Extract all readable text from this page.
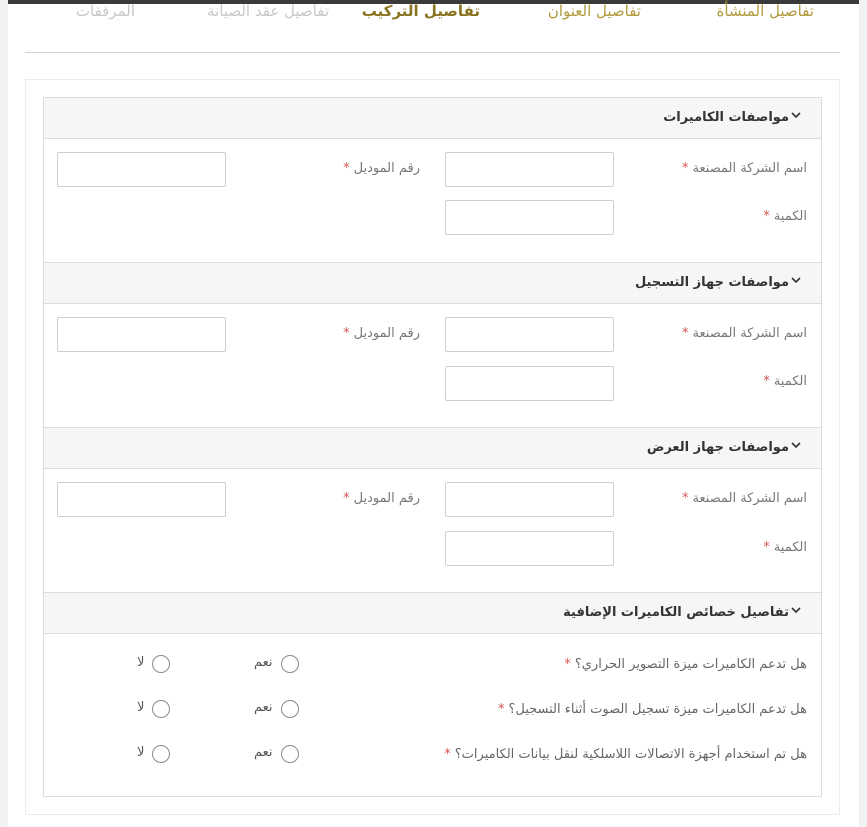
تفاصيل المنشأة
تفاصيل العنوان
تفاصيل التركيب
تفاصيل عقد الصيانة
المرفقات
مواصفات الكاميرات
اسم الشركة المصنعة*
رقم الموديل*
الكمية*
مواصفات جهاز التسجيل
اسم الشركة المصنعة*
رقم الموديل*
الكمية*
مواصفات جهاز العرض
اسم الشركة المصنعة*
رقم الموديل*
الكمية*
تفاصيل خصائص الكاميرات الإضافية
هل تدعم الكاميرات ميزة التصوير الحراري؟*
نعم
لا
هل تدعم الكاميرات ميزة تسجيل الصوت أثناء التسجيل؟*
نعم
لا
هل تم استخدام أجهزة الاتصالات اللاسلكية لنقل بيانات الكاميرات؟*
نعم
لا
